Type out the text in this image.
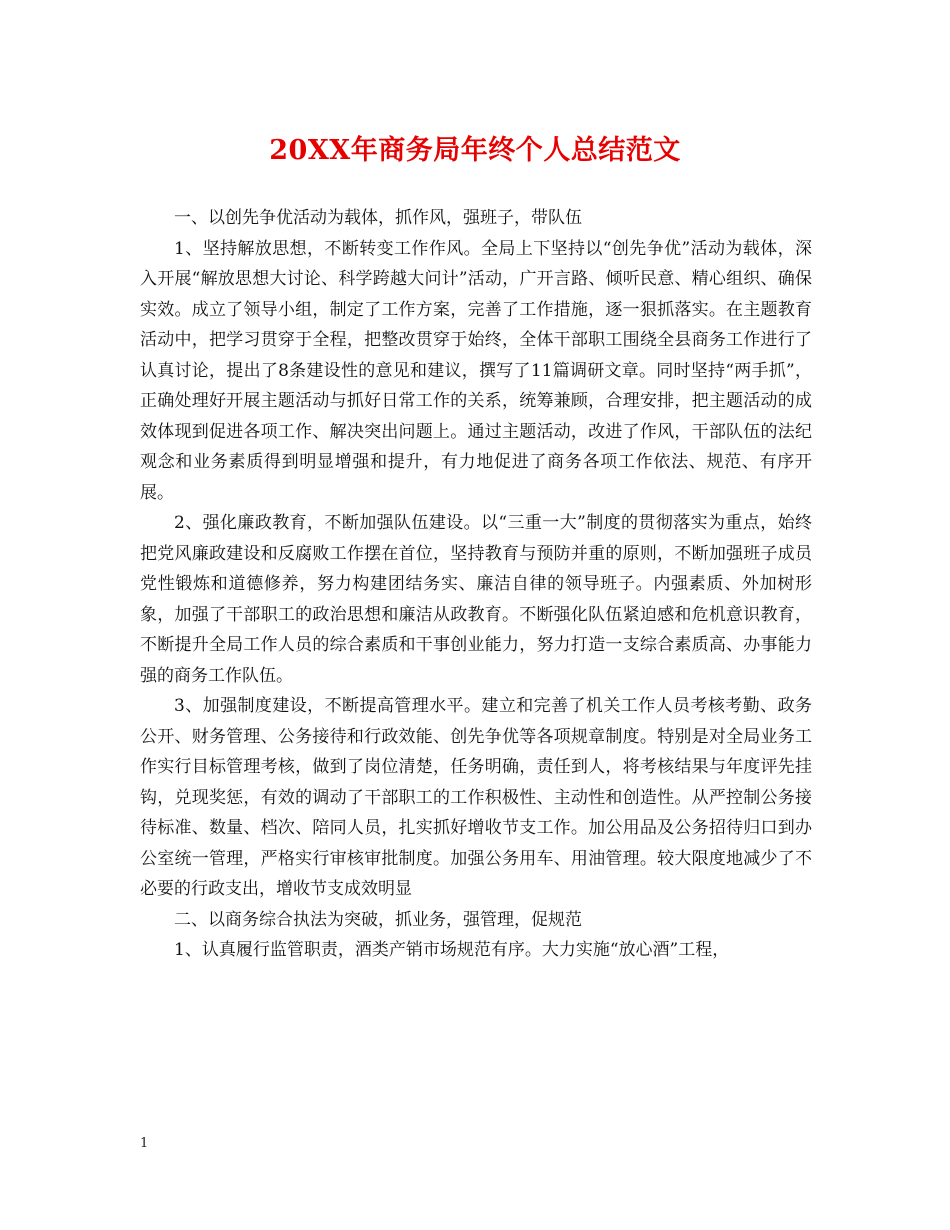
20XX年商务局年终个人总结范文

一、以创先争优活动为载体，抓作风，强班子，带队伍

1、坚持解放思想，不断转变工作作风。全局上下坚持以“创先争优”活动为载体，深入开展“解放思想大讨论、科学跨越大问计”活动，广开言路、倾听民意、精心组织、确保实效。成立了领导小组，制定了工作方案，完善了工作措施，逐一狠抓落实。在主题教育活动中，把学习贯穿于全程，把整改贯穿于始终，全体干部职工围绕全县商务工作进行了认真讨论，提出了8条建设性的意见和建议，撰写了11篇调研文章。同时坚持“两手抓”，正确处理好开展主题活动与抓好日常工作的关系，统筹兼顾，合理安排，把主题活动的成效体现到促进各项工作、解决突出问题上。通过主题活动，改进了作风，干部队伍的法纪观念和业务素质得到明显增强和提升，有力地促进了商务各项工作依法、规范、有序开展。

2、强化廉政教育，不断加强队伍建设。以“三重一大”制度的贯彻落实为重点，始终把党风廉政建设和反腐败工作摆在首位，坚持教育与预防并重的原则，不断加强班子成员党性锻炼和道德修养，努力构建团结务实、廉洁自律的领导班子。内强素质、外加树形象，加强了干部职工的政治思想和廉洁从政教育。不断强化队伍紧迫感和危机意识教育，不断提升全局工作人员的综合素质和干事创业能力，努力打造一支综合素质高、办事能力强的商务工作队伍。

3、加强制度建设，不断提高管理水平。建立和完善了机关工作人员考核考勤、政务公开、财务管理、公务接待和行政效能、创先争优等各项规章制度。特别是对全局业务工作实行目标管理考核，做到了岗位清楚，任务明确，责任到人，将考核结果与年度评先挂钩，兑现奖惩，有效的调动了干部职工的工作积极性、主动性和创造性。从严控制公务接待标准、数量、档次、陪同人员，扎实抓好增收节支工作。加公用品及公务招待归口到办公室统一管理，严格实行审核审批制度。加强公务用车、用油管理。较大限度地减少了不必要的行政支出，增收节支成效明显

二、以商务综合执法为突破，抓业务，强管理，促规范

1、认真履行监管职责，酒类产销市场规范有序。大力实施“放心酒”工程，

1
